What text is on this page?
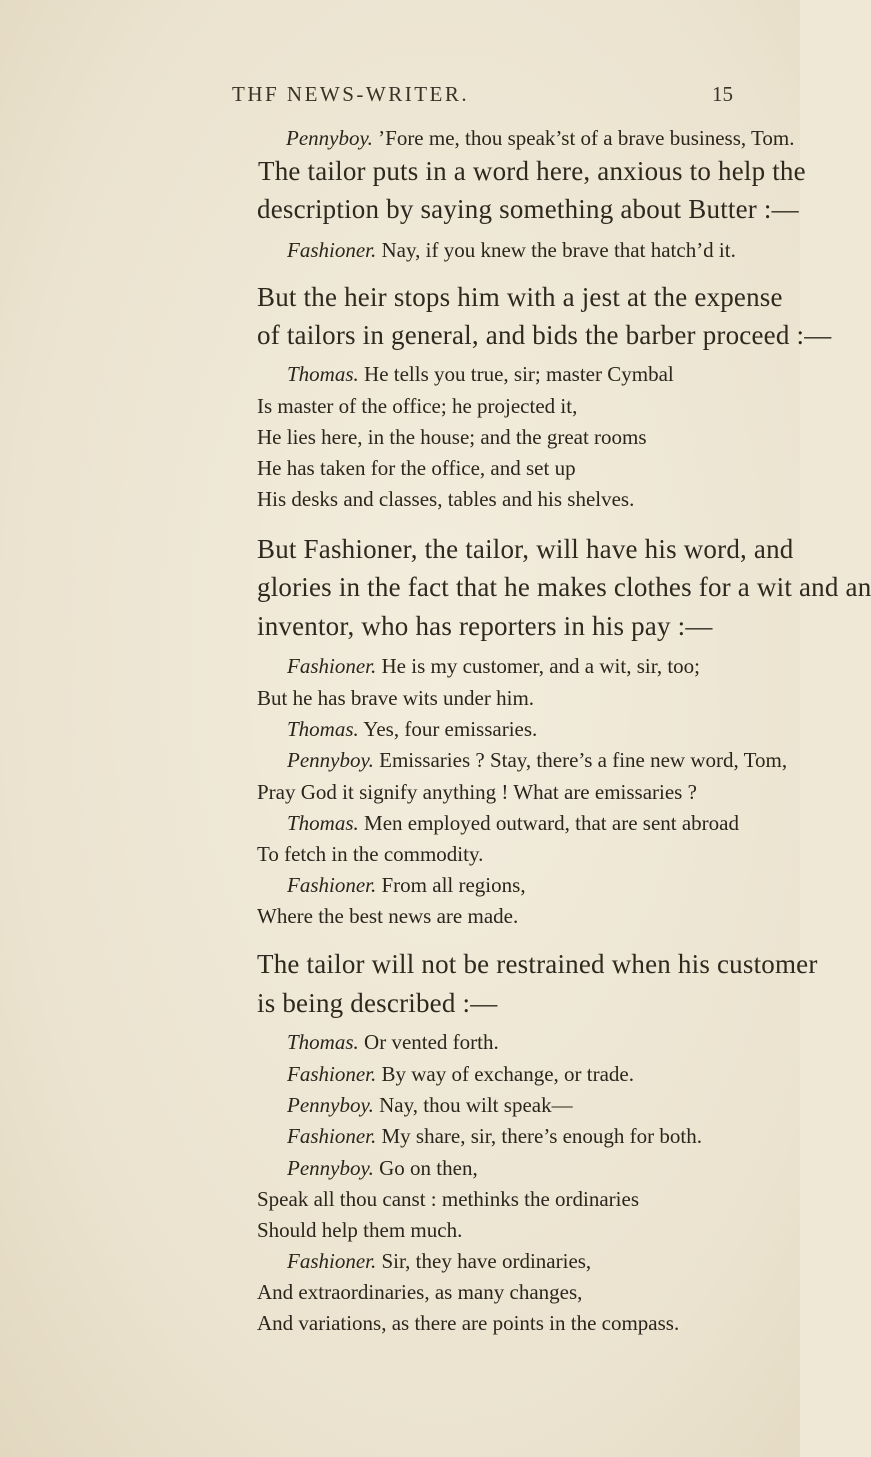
THF NEWS-WRITER.	15
Pennyboy. ’Fore me, thou speak’st of a brave business, Tom.
The tailor puts in a word here, anxious to help the
description by saying something about Butter :—
Fashioner. Nay, if you knew the brave that hatch’d it.
But the heir stops him with a jest at the expense
of tailors in general, and bids the barber proceed :—
Thomas. He tells you true, sir; master Cymbal
Is master of the office; he projected it,
He lies here, in the house; and the great rooms
He has taken for the office, and set up
His desks and classes, tables and his shelves.
But Fashioner, the tailor, will have his word, and
glories in the fact that he makes clothes for a wit and an
inventor, who has reporters in his pay :—
Fashioner. He is my customer, and a wit, sir, too;
But he has brave wits under him.
Thomas. Yes, four emissaries.
Pennyboy. Emissaries ? Stay, there’s a fine new word, Tom,
Pray God it signify anything ! What are emissaries ?
Thomas. Men employed outward, that are sent abroad
To fetch in the commodity.
Fashioner. From all regions,
Where the best news are made.
The tailor will not be restrained when his customer
is being described :—
Thomas. Or vented forth.
Fashioner. By way of exchange, or trade.
Pennyboy. Nay, thou wilt speak—
Fashioner. My share, sir, there’s enough for both.
Pennyboy. Go on then,
Speak all thou canst : methinks the ordinaries
Should help them much.
Fashioner. Sir, they have ordinaries,
And extraordinaries, as many changes,
And variations, as there are points in the compass.
